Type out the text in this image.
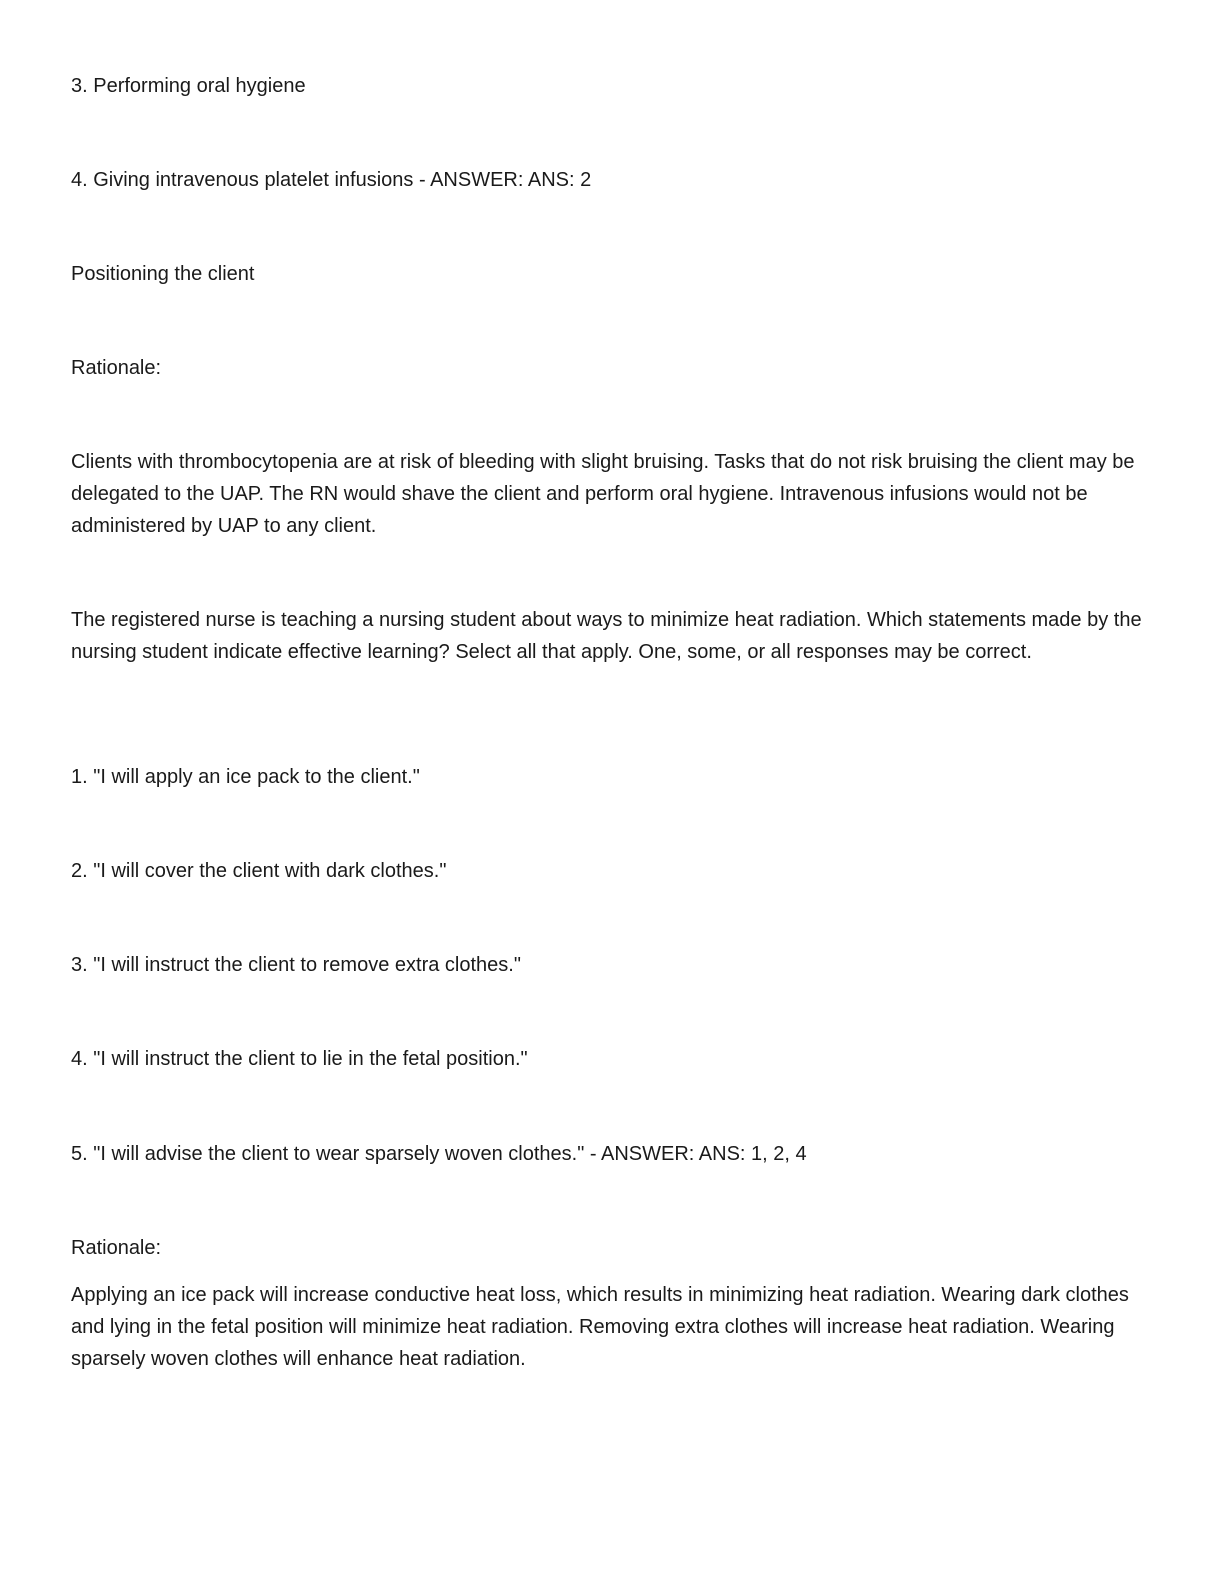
3. Performing oral hygiene

4. Giving intravenous platelet infusions - ANSWER: ANS: 2

Positioning the client

Rationale:

Clients with thrombocytopenia are at risk of bleeding with slight bruising. Tasks that do not risk bruising the client may be delegated to the UAP. The RN would shave the client and perform oral hygiene. Intravenous infusions would not be administered by UAP to any client.

The registered nurse is teaching a nursing student about ways to minimize heat radiation. Which statements made by the nursing student indicate effective learning? Select all that apply. One, some, or all responses may be correct.

1. "I will apply an ice pack to the client."

2. "I will cover the client with dark clothes."

3. "I will instruct the client to remove extra clothes."

4. "I will instruct the client to lie in the fetal position."

5. "I will advise the client to wear sparsely woven clothes." - ANSWER: ANS: 1, 2, 4

Rationale:

Applying an ice pack will increase conductive heat loss, which results in minimizing heat radiation. Wearing dark clothes and lying in the fetal position will minimize heat radiation. Removing extra clothes will increase heat radiation. Wearing sparsely woven clothes will enhance heat radiation.
